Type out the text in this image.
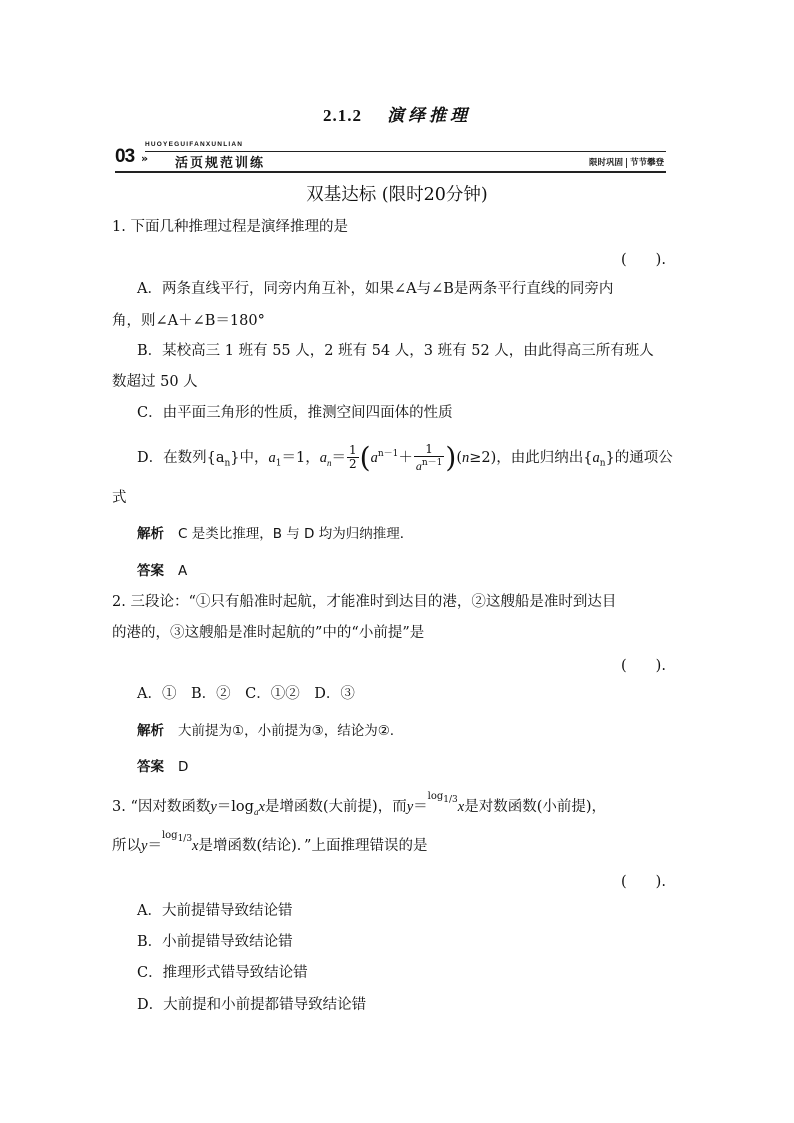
2.1.2 演绎推理
HUOYEGUIFANXUNLIAN
03 » 活页规范训练	限时巩固 节节攀登
双基达标 (限时20分钟)
1. 下面几种推理过程是演绎推理的是
(　　).
A．两条直线平行，同旁内角互补，如果∠A与∠B是两条平行直线的同旁内
角，则∠A＋∠B＝180°
B．某校高三 1 班有 55 人，2 班有 54 人，3 班有 52 人，由此得高三所有班人
数超过 50 人
C．由平面三角形的性质，推测空间四面体的性质
D．在数列$\{a_n\}$中，$a_1=1$，$a_n= \frac{1}{2} (a^{n-1}+ \frac{1}{a^{n-1}} )(n\ge 2)$，由此归纳出$\{a_n\}$的通项公
式
解析 C 是类比推理，B 与 D 均为归纳推理．
答案 A
2. 三段论：“①只有船准时起航，才能准时到达目的港，②这艘船是准时到达目
的港的，③这艘船是准时起航的”中的“小前提”是
(　　).
A．①　B．②　C．①②　D．③
解析 大前提为①，小前提为③，结论为②.
答案 D
3. “因对数函数$y=\log_ax$是增函数(大前提)，而y＝$^{log_{1/3}}$x是对数函数(小前提)，
所以y＝$^{log_{1/3}}$x是增函数(结论)．”上面推理错误的是
(　　).
A．大前提错导致结论错
B．小前提错导致结论错
C．推理形式错导致结论错
D．大前提和小前提都错导致结论错
